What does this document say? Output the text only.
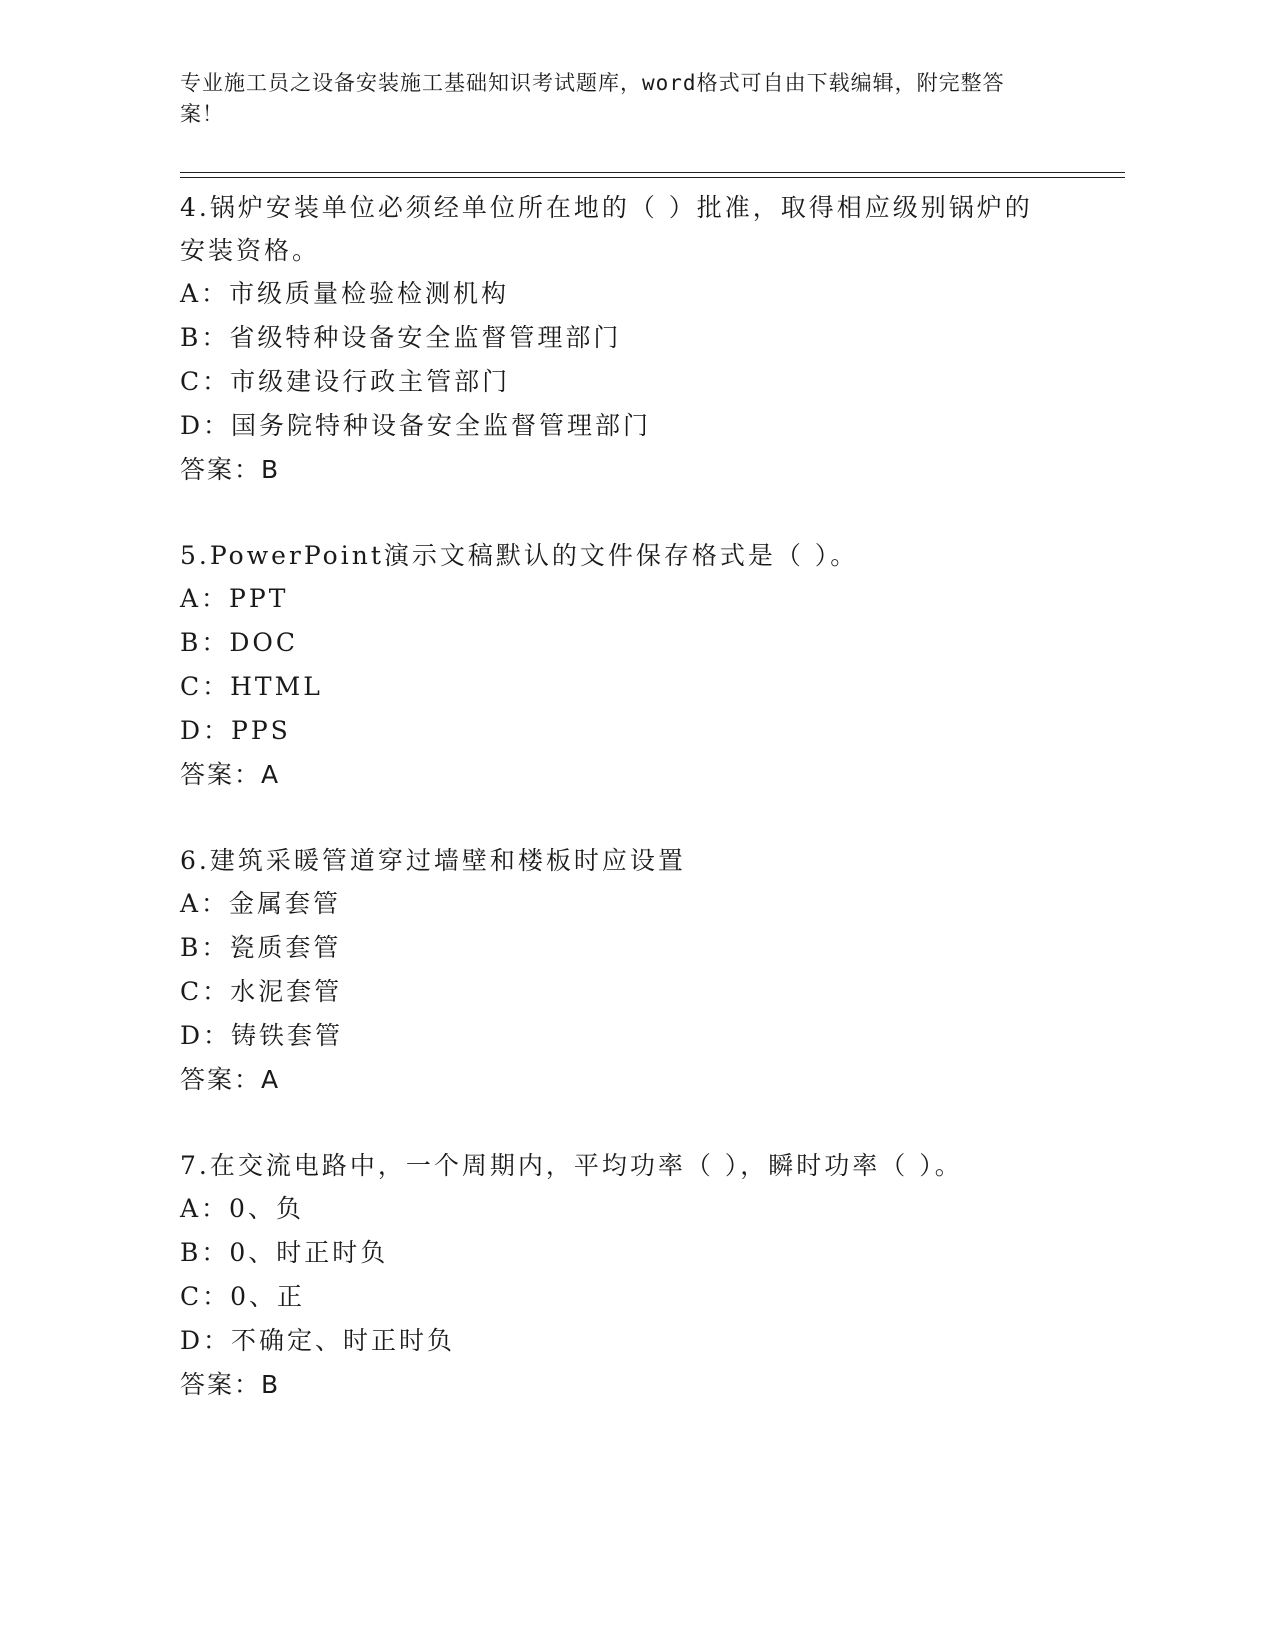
专业施工员之设备安装施工基础知识考试题库，word格式可自由下载编辑，附完整答案！

4.锅炉安装单位必须经单位所在地的（ ）批准，取得相应级别锅炉的安装资格。

A：市级质量检验检测机构

B：省级特种设备安全监督管理部门

C：市级建设行政主管部门

D：国务院特种设备安全监督管理部门

答案：B

5.PowerPoint演示文稿默认的文件保存格式是（ ）。

A：PPT

B：DOC

C：HTML

D：PPS

答案：A

6.建筑采暖管道穿过墙壁和楼板时应设置

A：金属套管

B：瓷质套管

C：水泥套管

D：铸铁套管

答案：A

7.在交流电路中，一个周期内，平均功率（ ），瞬时功率（ ）。

A：0、负

B：0、时正时负

C：0、正

D：不确定、时正时负

答案：B
